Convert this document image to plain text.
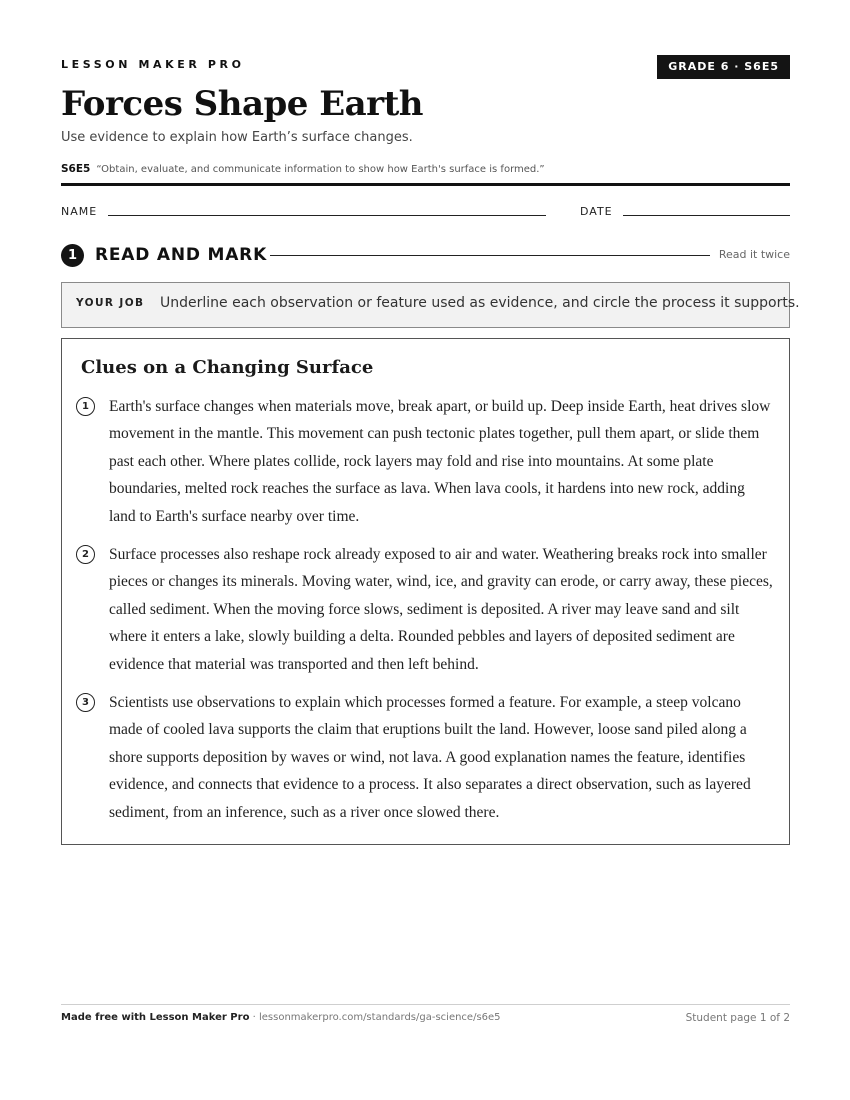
LESSON MAKER PRO	GRADE 6 · S6E5
Forces Shape Earth
Use evidence to explain how Earth’s surface changes.
S6E5 “Obtain, evaluate, and communicate information to show how Earth's surface is formed.”
NAME	DATE
1	READ AND MARK	Read it twice
YOUR JOB Underline each observation or feature used as evidence, and circle the process it supports.
Clues on a Changing Surface
1	Earth's surface changes when materials move, break apart, or build up. Deep inside Earth, heat drives slow movement in the mantle. This movement can push tectonic plates together, pull them apart, or slide them past each other. Where plates collide, rock layers may fold and rise into mountains. At some plate boundaries, melted rock reaches the surface as lava. When lava cools, it hardens into new rock, adding land to Earth's surface nearby over time.

2	Surface processes also reshape rock already exposed to air and water. Weathering breaks rock into smaller pieces or changes its minerals. Moving water, wind, ice, and gravity can erode, or carry away, these pieces, called sediment. When the moving force slows, sediment is deposited. A river may leave sand and silt where it enters a lake, slowly building a delta. Rounded pebbles and layers of deposited sediment are evidence that material was transported and then left behind.

3	Scientists use observations to explain which processes formed a feature. For example, a steep volcano made of cooled lava supports the claim that eruptions built the land. However, loose sand piled along a shore supports deposition by waves or wind, not lava. A good explanation names the feature, identifies evidence, and connects that evidence to a process. It also separates a direct observation, such as layered sediment, from an inference, such as a river once slowed there.

Made free with Lesson Maker Pro · lessonmakerpro.com/standards/ga-science/s6e5	Student page 1 of 2
